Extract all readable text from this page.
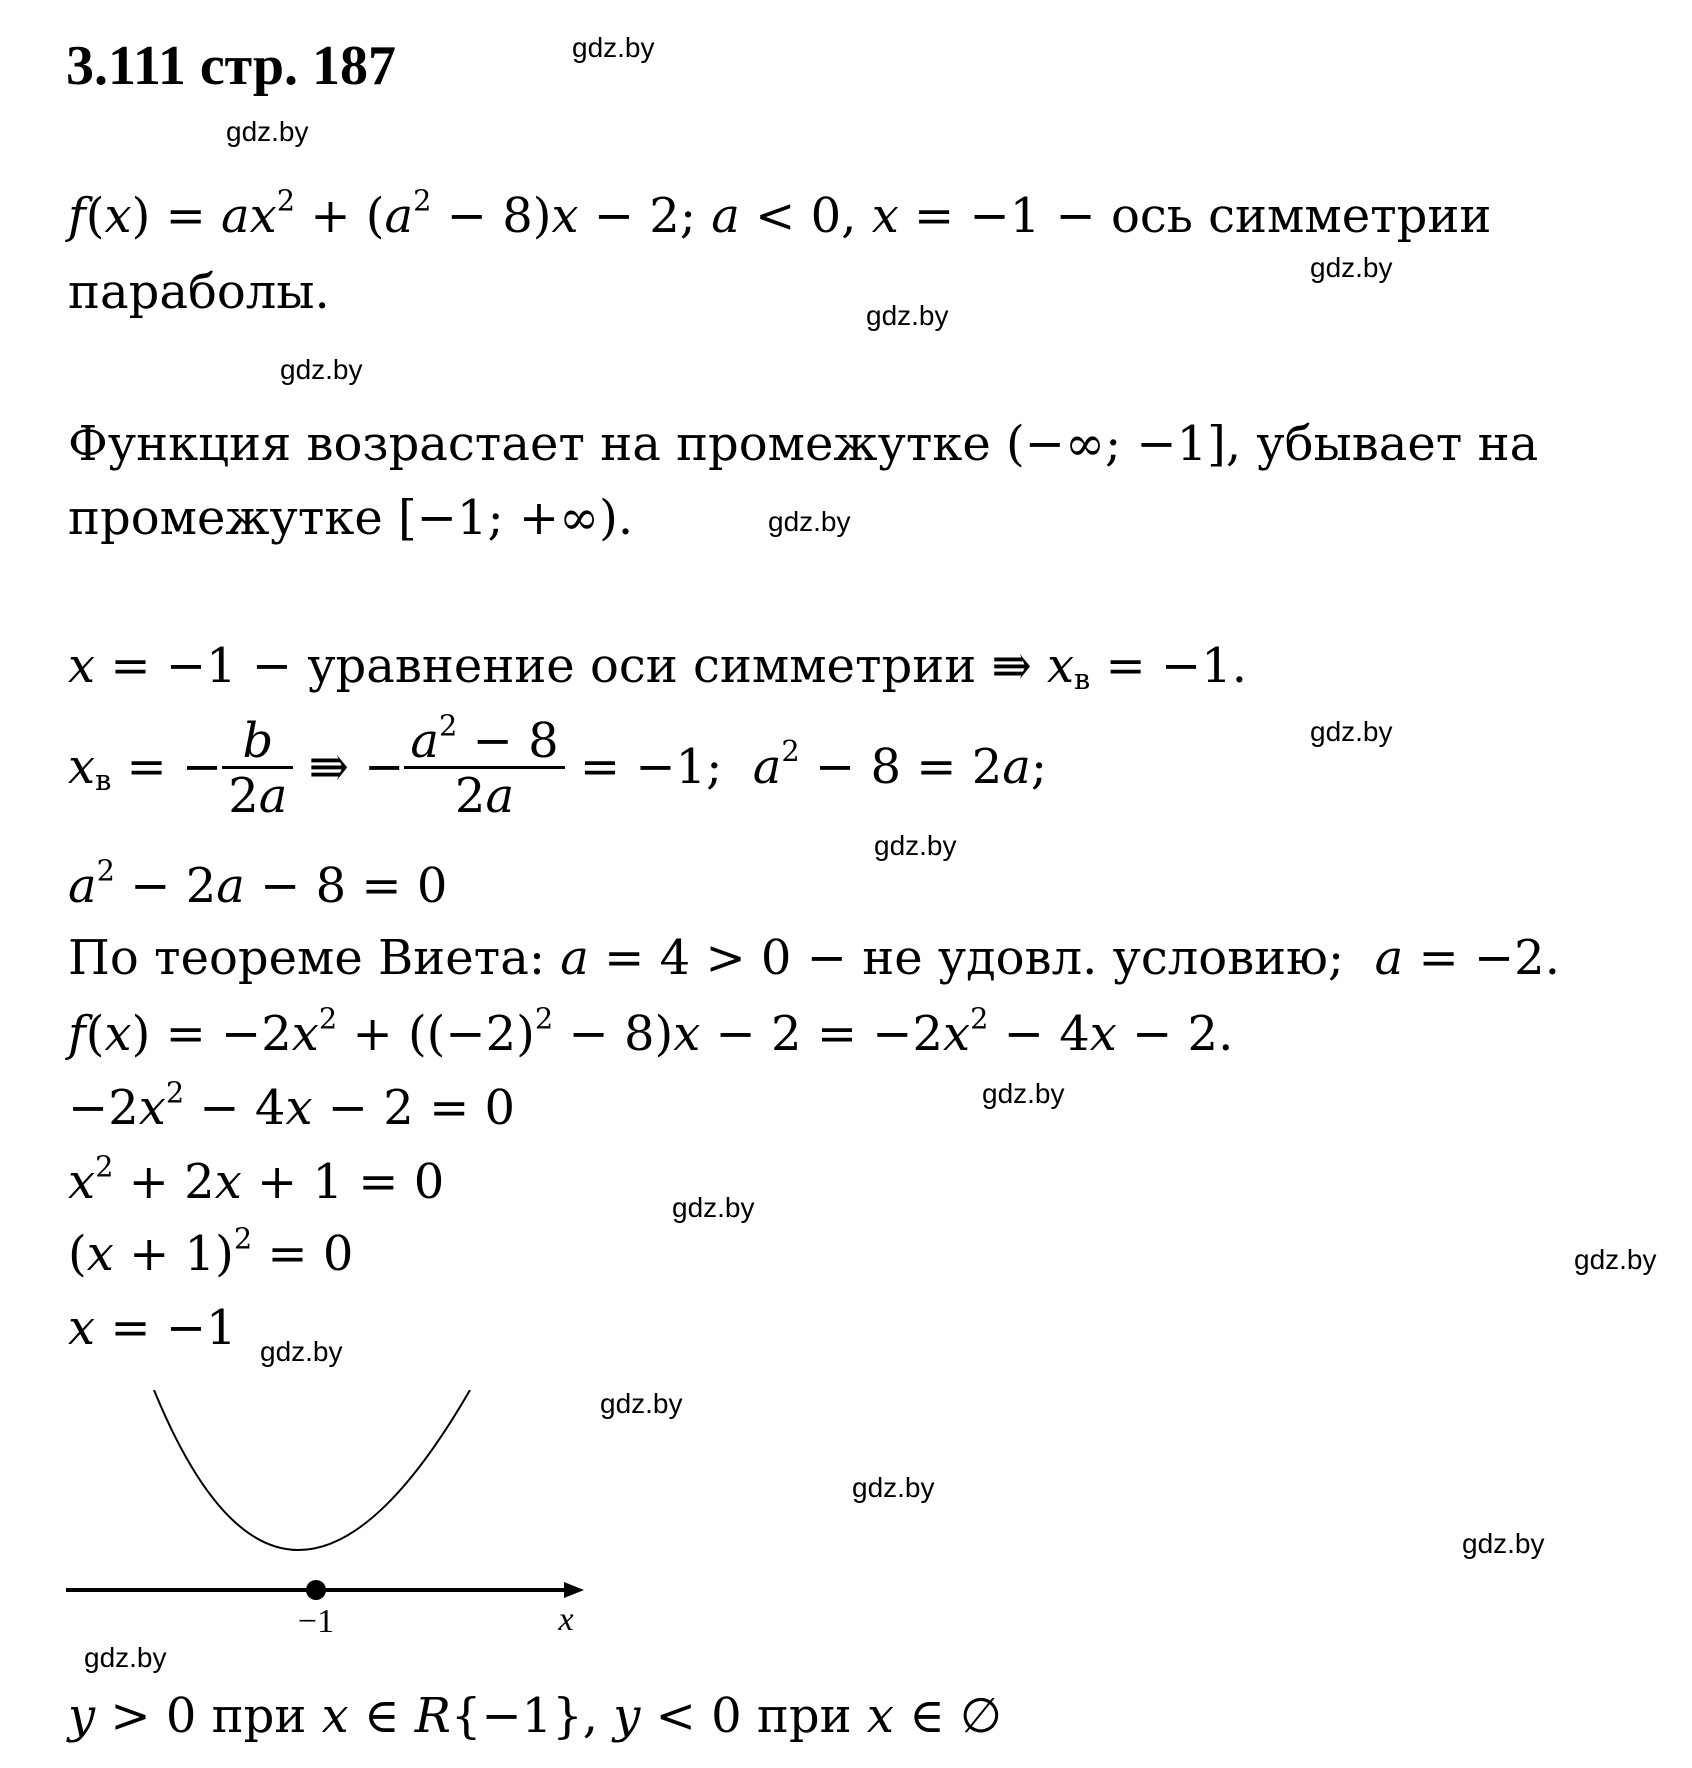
3.111 стр. 187	gdz.by
gdz.by
gdz.by
gdz.by
gdz.by
gdz.by
gdz.by
gdz.by
gdz.by
gdz.by
gdz.by
gdz.by
gdz.by
gdz.by
gdz.by
gdz.by
$f(x) = ax^2 + (a^2 - 8)x - 2$; a < 0, x = −1 − ось симметрии
параболы.
Функция возрастает на промежутке (−∞; −1], убывает на
промежутке [−1; +∞).
x = −1 − уравнение оси симметрии ⇛ $x_в = -1$.
$x_в$ = − $\frac{b}{2a}$ ⇛ − $\frac{a^2 - 8}{2a} = -1$;  $a^2 - 8 = 2a$;
$a^2 - 2a - 8 = 0$
По теореме Виета: a = 4 > 0 − не удовл. условию; a = −2.
$f(x) = -2x^2 + ((-2)^2 - 8)x - 2 = -2x^2 - 4x - 2$.
$-2x^2 - 4x - 2 = 0$
$x^2 + 2x + 1 = 0$
$(x + 1)^2 = 0$
x = −1
−1	x
y > 0 при x ∈ R{−1}, y < 0 при x ∈ ∅
